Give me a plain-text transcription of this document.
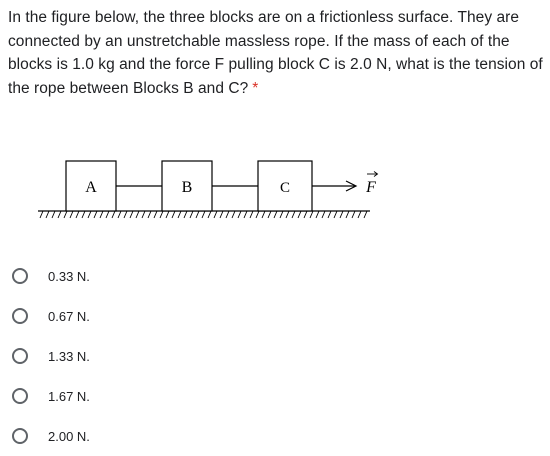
In the figure below, the three blocks are on a frictionless surface. They are connected by an unstretchable massless rope. If the mass of each of the blocks is 1.0 kg and the force F pulling block C is 2.0 N, what is the tension of the rope between Blocks B and C? *
A	B	C	F
0.33 N.
0.67 N.
1.33 N.
1.67 N.
2.00 N.
